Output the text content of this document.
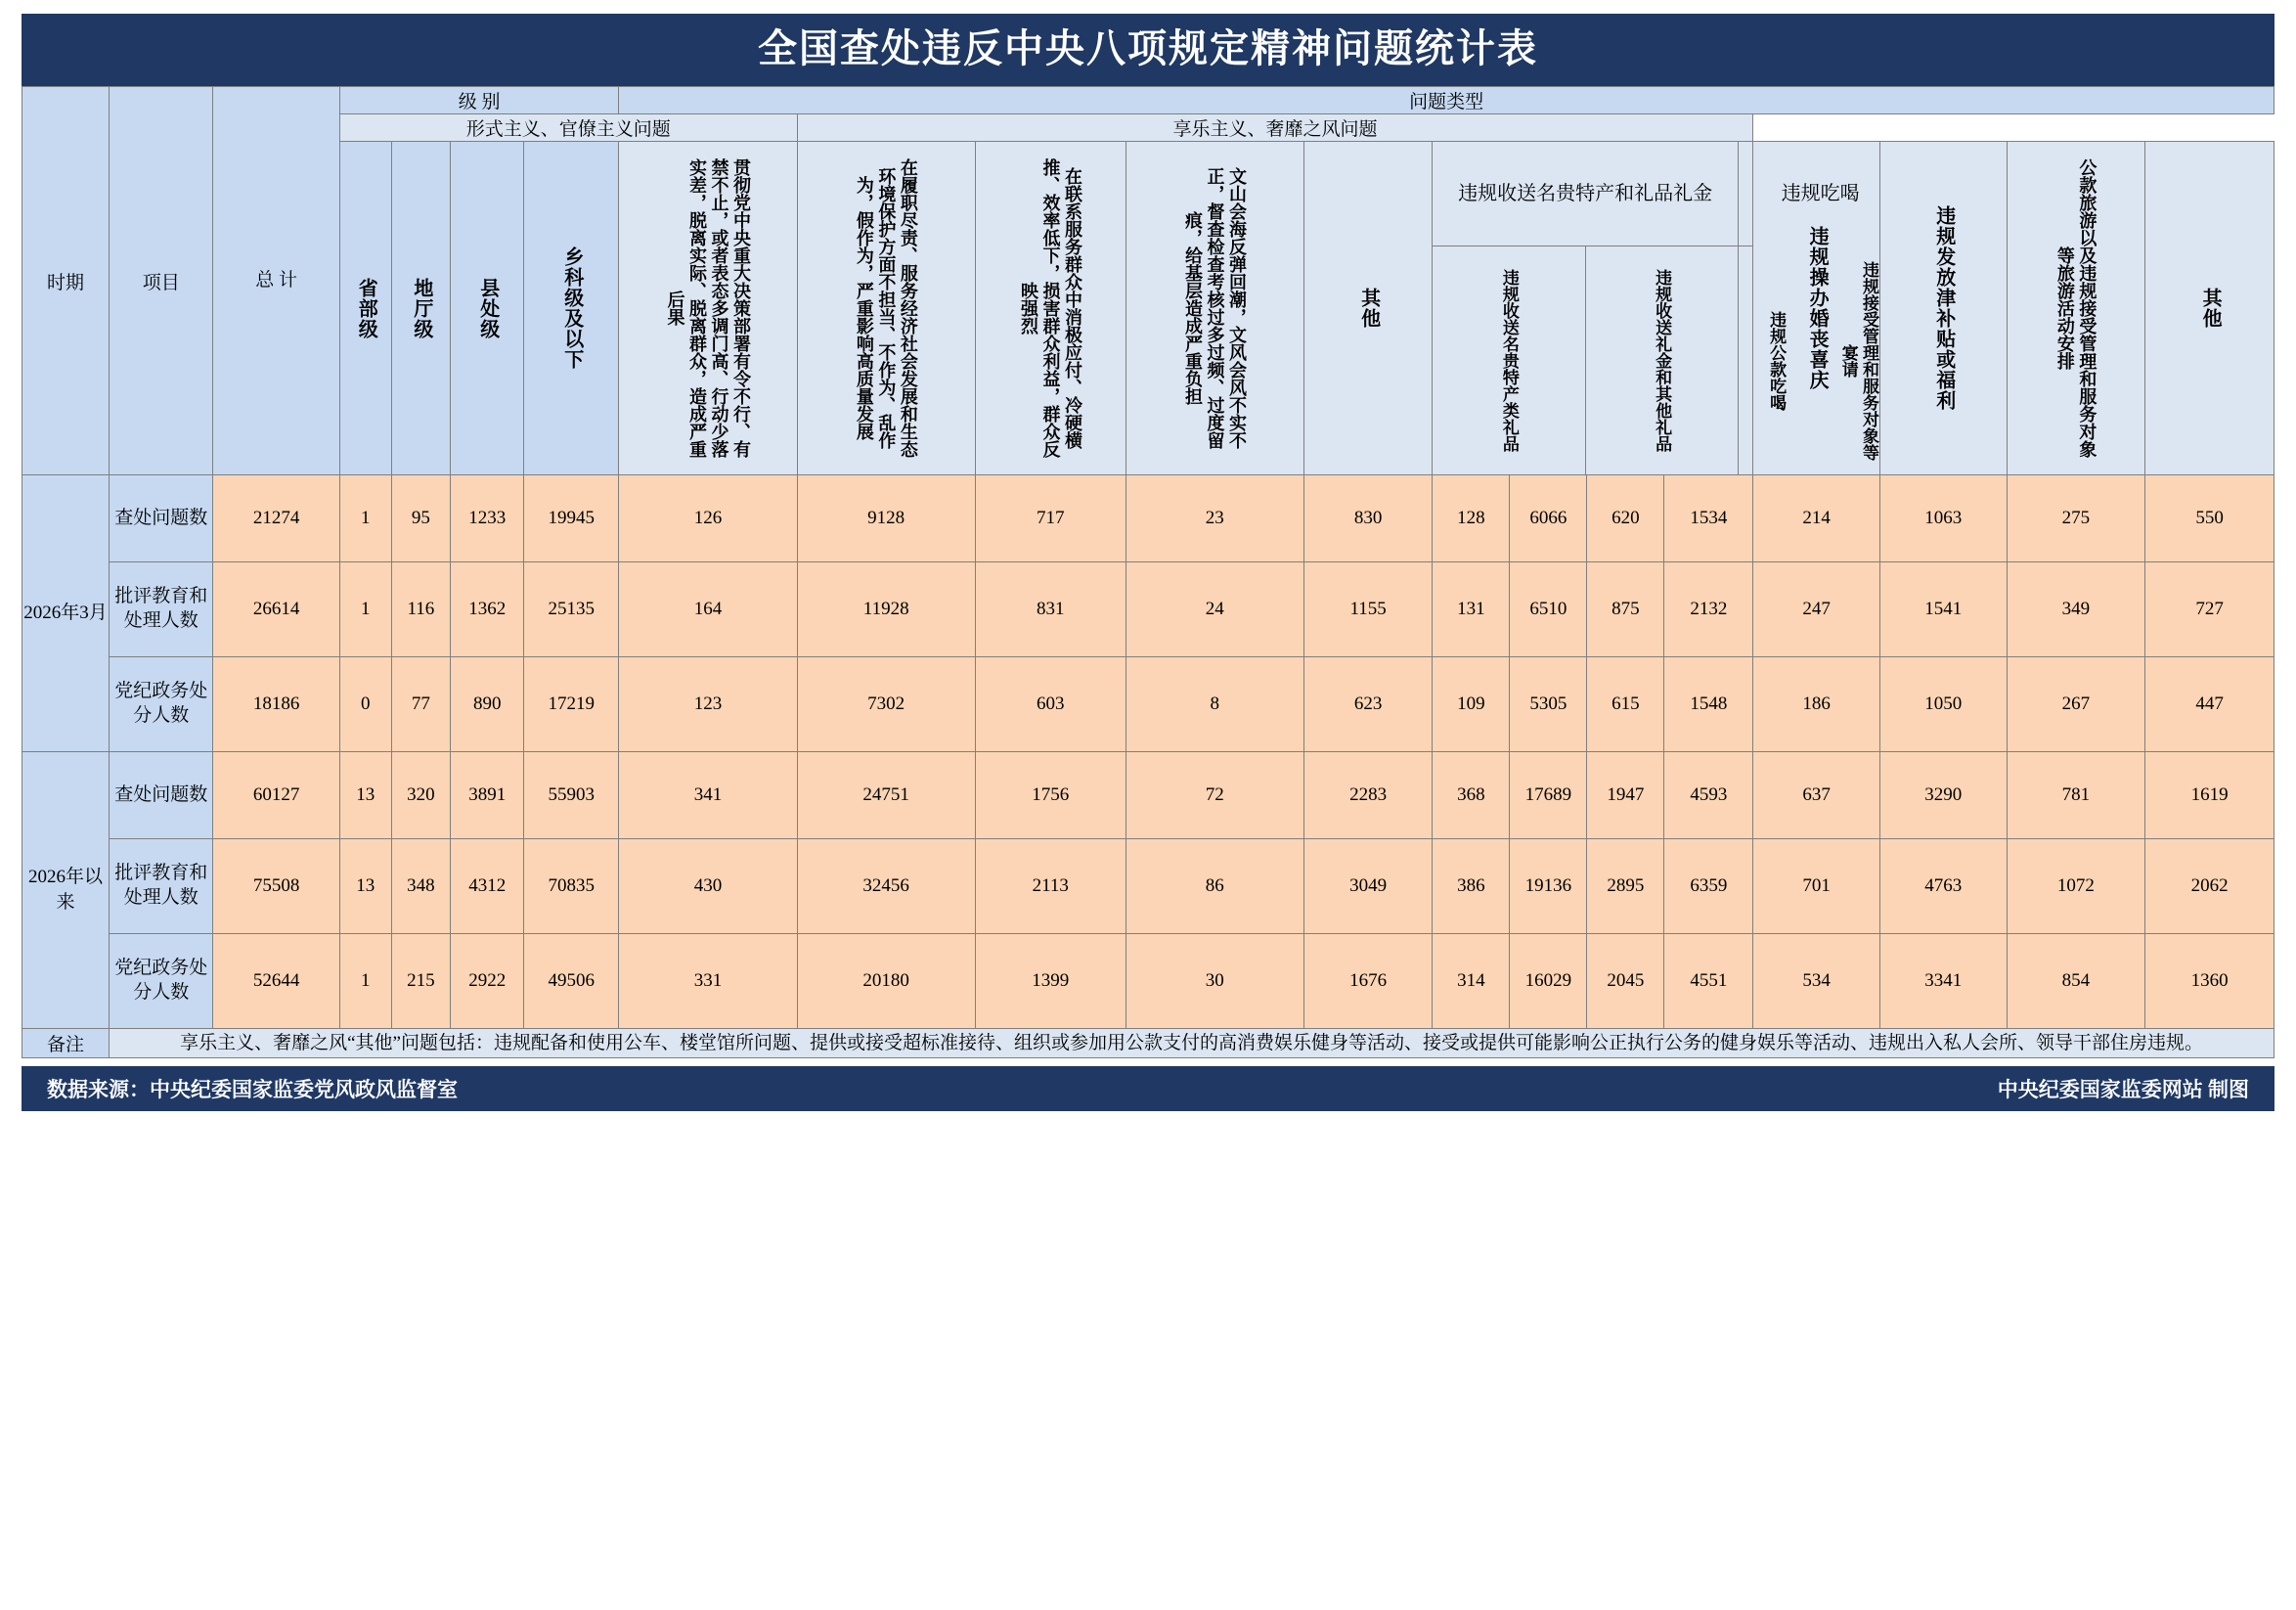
全国查处违反中央八项规定精神问题统计表
时期	项目	总 计	级 别	问题类型
形式主义、官僚主义问题	享乐主义、奢靡之风问题

省部级	地厅级	县处级	乡科级及以下	贯彻党中央重大决策部署有令不行、有禁不止，或者表态多调门高、行动少落实差，脱离实际、脱离群众，造成严重后果	在履职尽责、服务经济社会发展和生态环境保护方面不担当、不作为、乱作为，假作为，严重影响高质量发展	在联系服务群众中消极应付、冷硬横推、效率低下，损害群众利益，群众反映强烈	文山会海反弹回潮，文风会风不实不正，督查检查考核过多过频、过度留痕，给基层造成严重负担	其他

违规收送名贵特产和礼品礼金	违规吃喝

违规收送名贵特产类礼品	违规收送礼金和其他礼品	违规公款吃喝	违规接受管理和服务对象等宴请

违规操办婚丧喜庆	违规发放津补贴或福利	公款旅游以及违规接受管理和服务对象等旅游活动安排	其他

2026年3月	查处问题数	21274	1	95	1233	19945	126	9128	717	23	830	128	6066	620	1534	214	1063	275	550
批评教育和处理人数	26614	1	116	1362	25135	164	11928	831	24	1155	131	6510	875	2132	247	1541	349	727
党纪政务处分人数	18186	0	77	890	17219	123	7302	603	8	623	109	5305	615	1548	186	1050	267	447
2026年以来	查处问题数	60127	13	320	3891	55903	341	24751	1756	72	2283	368	17689	1947	4593	637	3290	781	1619
批评教育和处理人数	75508	13	348	4312	70835	430	32456	2113	86	3049	386	19136	2895	6359	701	4763	1072	2062
党纪政务处分人数	52644	1	215	2922	49506	331	20180	1399	30	1676	314	16029	2045	4551	534	3341	854	1360
备注	享乐主义、奢靡之风“其他”问题包括：违规配备和使用公车、楼堂馆所问题、提供或接受超标准接待、组织或参加用公款支付的高消费娱乐健身等活动、接受或提供可能影响公正执行公务的健身娱乐等活动、违规出入私人会所、领导干部住房违规。
数据来源：中央纪委国家监委党风政风监督室	中央纪委国家监委网站 制图
